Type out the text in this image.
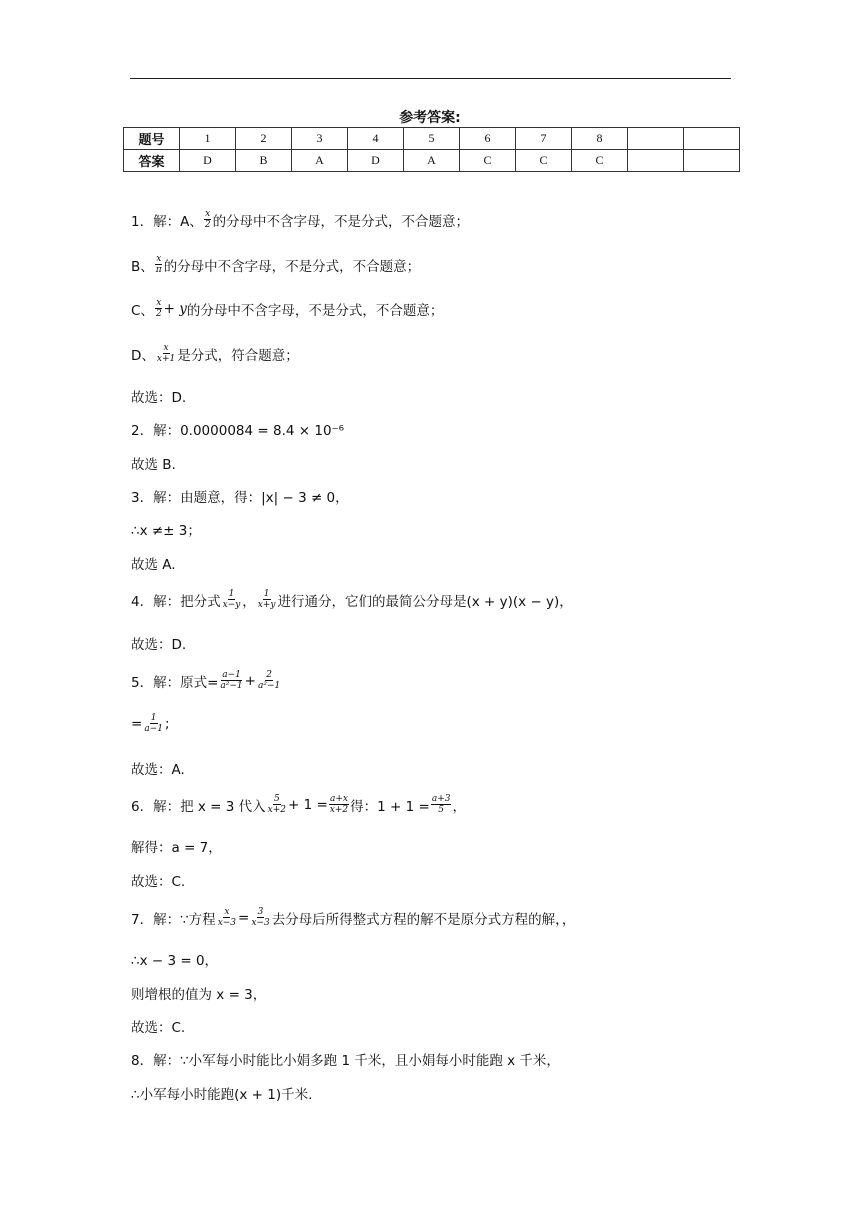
参考答案:
题号	1	2	3	4	5	6	7	8		
答案	D	B	A	D	A	C	C	C		
1．解：A、 $\frac{x}{2}$ 的分母中不含字母，不是分式，不合题意；
B、 $\frac{x}{\pi}$ 的分母中不含字母，不是分式，不合题意；
C、 $\frac{x}{2} + y$ 的分母中不含字母，不是分式，不合题意；
D、 $\frac{x}{x+1}$ 是分式，符合题意；
故选：D.
2．解：0.0000084 = 8.4 × 10⁻⁶
故选 B.
3．解：由题意，得：|x| − 3 ≠ 0，
∴x ≠± 3；
故选 A.
4．解：把分式 $\frac{1}{x-y}$ ， $\frac{1}{x+y}$ 进行通分，它们的最简公分母是(x + y)(x − y)，
故选：D.
5．解：原式= $\frac{a-1}{\text{a²−1}} + \frac{2}{\text{a²−1}}$
= $\frac{1}{a-1}$ ;
故选：A.
6．解：把 x = 3 代入 $\frac{5}{x+2} + 1 = \frac{a+x}{x+2}$ 得：$1 + 1 = \frac{a+3}{5}$ ，
解得：a = 7，
故选：C.
7．解：∵方程 $\frac{x}{x-3} = \frac{3}{x-3}$ 去分母后所得整式方程的解不是原分式方程的解，，
∴x − 3 = 0，
则增根的值为 x = 3，
故选：C.
8．解：∵小军每小时能比小娟多跑 1 千米，且小娟每小时能跑 x 千米，
∴小军每小时能跑(x + 1)千米.
